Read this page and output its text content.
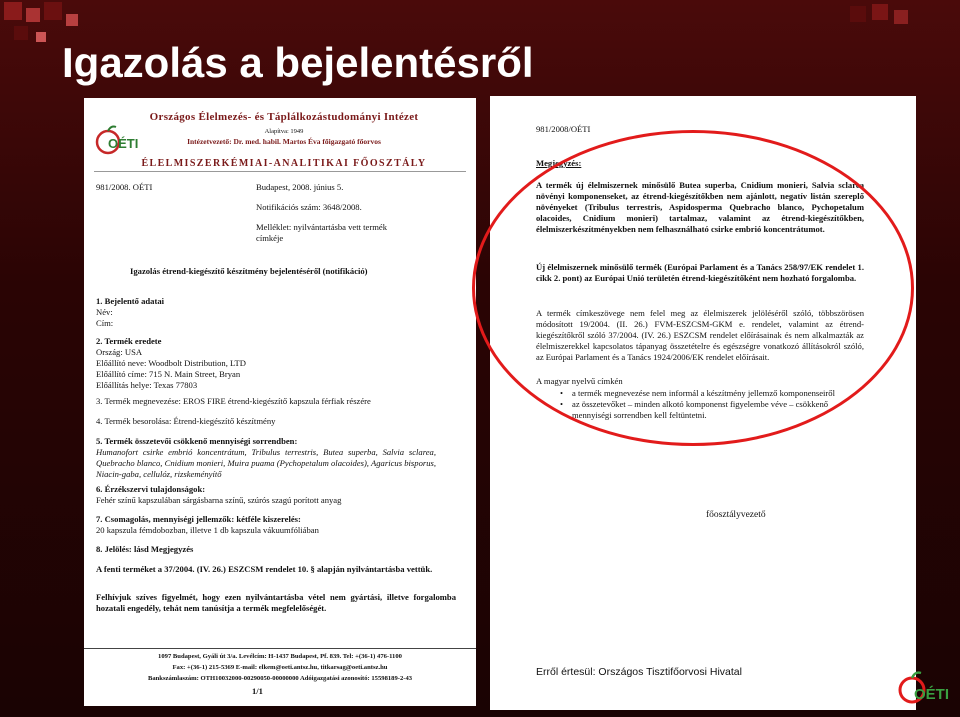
Igazolás a bejelentésről
OÉTI

Országos Élelmezés- és Táplálkozástudományi Intézet

Alapítva: 1949

Intézetvezető: Dr. med. habil. Martos Éva főigazgató főorvos

ÉLELMISZERKÉMIAI-ANALITIKAI FŐOSZTÁLY

981/2008. OÉTI	Budapest, 2008. június 5.

Notifikációs szám: 3648/2008.

Melléklet: nyilvántartásba vett termék címkéje

Igazolás étrend-kiegészítő készítmény bejelentéséről (notifikáció)

1. Bejelentő adatai

Név:

Cím:

2. Termék eredete

Ország: USA

Előállító neve: Woodbolt Distribution, LTD

Előállító címe: 715 N. Main Street, Bryan

Előállítás helye: Texas 77803

3. Termék megnevezése: EROS FIRE étrend-kiegészítő kapszula férfiak részére

4. Termék besorolása: Étrend-kiegészítő készítmény

5. Termék összetevői csökkenő mennyiségi sorrendben:

Humanofort csirke embrió koncentrátum, Tribulus terrestris, Butea superba, Salvia sclarea, Quebracho blanco, Cnidium monieri, Muira puama (Pychopetalum olacoides), Agaricus bisporus, Niacin-gaba, cellulóz, rizskeményítő

6. Érzékszervi tulajdonságok:

Fehér színű kapszulában sárgásbarna színű, szúrós szagú porított anyag

7. Csomagolás, mennyiségi jellemzők: kétféle kiszerelés:

20 kapszula fémdobozban, illetve 1 db kapszula vákuumfóliában

8. Jelölés: lásd Megjegyzés

A fenti terméket a 37/2004. (IV. 26.) ESZCSM rendelet 10. § alapján nyilvántartásba vettük.

Felhívjuk szíves figyelmét, hogy ezen nyilvántartásba vétel nem gyártási, illetve forgalomba hozatali engedély, tehát nem tanúsítja a termék megfelelőségét.

1097 Budapest, Gyáli út 3/a. Levélcím: H-1437 Budapest, Pf. 839. Tel: +(36-1) 476-1100

Fax: +(36-1) 215-5369 E-mail: elkem@oeti.antsz.hu, titkarsag@oeti.antsz.hu

Bankszámlaszám: OTH10032000-00290050-00000000 Adóigazgatási azonosító: 15598189-2-43

1/1

981/2008/OÉTI

Megjegyzés:

A termék új élelmiszernek minősülő Butea superba, Cnidium monieri, Salvia sclarea növényi komponenseket, az étrend-kiegészítőkben nem ajánlott, negatív listán szereplő növényeket (Tribulus terrestris, Aspidosperma Quebracho blanco, Pychopetalum olacoides, Cnidium monieri) tartalmaz, valamint az étrend-kiegészítőkben, élelmiszerkészítményekben nem felhasználható csirke embrió koncentrátumot.

Új élelmiszernek minősülő termék (Európai Parlament és a Tanács 258/97/EK rendelet 1. cikk 2. pont) az Európai Unió területén étrend-kiegészítőként nem hozható forgalomba.

A termék címkeszövege nem felel meg az élelmiszerek jelöléséről szóló, többszörösen módosított 19/2004. (II. 26.) FVM-ESZCSM-GKM e. rendelet, valamint az étrend-kiegészítőkről szóló 37/2004. (IV. 26.) ESZCSM rendelet előírásainak és nem alkalmazták az élelmiszerekkel kapcsolatos tápanyag összetételre és egészségre vonatkozó állításokról szóló, az Európai Parlament és a Tanács 1924/2006/EK rendelet előírásait.

A magyar nyelvű címkén

• a termék megnevezése nem informál a készítmény jellemző komponenseiről
• az összetevőket – minden alkotó komponenst figyelembe véve – csökkenő mennyiségi sorrendben kell feltüntetni.

főosztályvezető

Erről értesül: Országos Tisztifőorvosi Hivatal

OÉTI
